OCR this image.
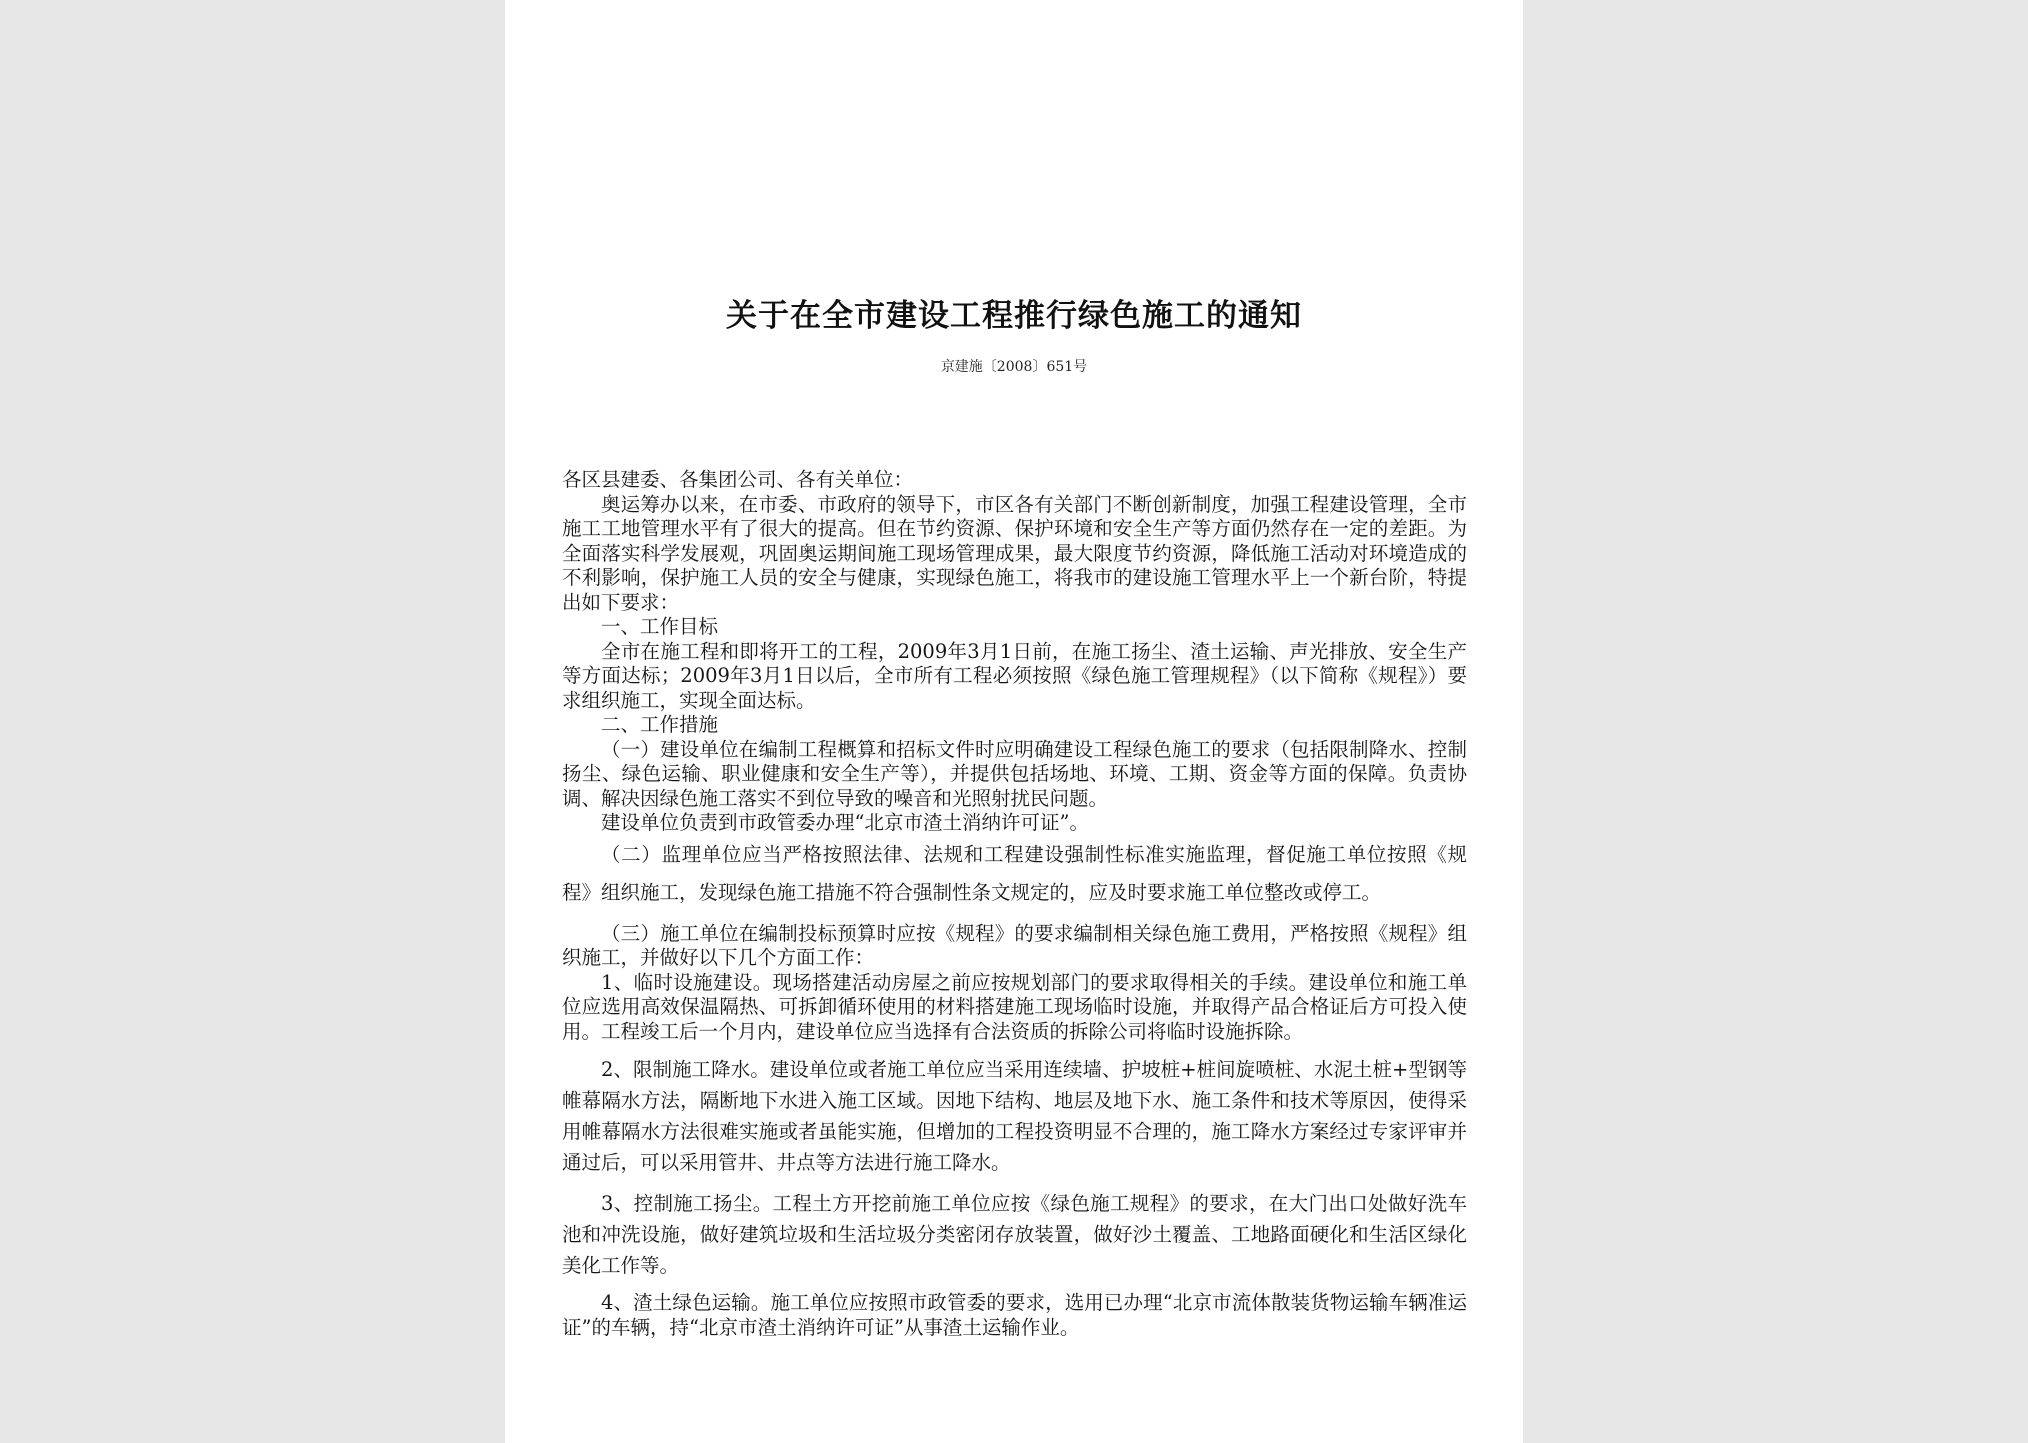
关于在全市建设工程推行绿色施工的通知
京建施〔2008〕651号

各区县建委、各集团公司、各有关单位：

奥运筹办以来，在市委、市政府的领导下，市区各有关部门不断创新制度，加强工程建设管理，全市施工工地管理水平有了很大的提高。但在节约资源、保护环境和安全生产等方面仍然存在一定的差距。为全面落实科学发展观，巩固奥运期间施工现场管理成果，最大限度节约资源，降低施工活动对环境造成的不利影响，保护施工人员的安全与健康，实现绿色施工，将我市的建设施工管理水平上一个新台阶，特提出如下要求：

一、工作目标

全市在施工程和即将开工的工程，2009年3月1日前，在施工扬尘、渣土运输、声光排放、安全生产等方面达标；2009年3月1日以后，全市所有工程必须按照《绿色施工管理规程》（以下简称《规程》）要求组织施工，实现全面达标。

二、工作措施

（一）建设单位在编制工程概算和招标文件时应明确建设工程绿色施工的要求（包括限制降水、控制扬尘、绿色运输、职业健康和安全生产等），并提供包括场地、环境、工期、资金等方面的保障。负责协调、解决因绿色施工落实不到位导致的噪音和光照射扰民问题。

建设单位负责到市政管委办理“北京市渣土消纳许可证”。

（二）监理单位应当严格按照法律、法规和工程建设强制性标准实施监理，督促施工单位按照《规程》组织施工，发现绿色施工措施不符合强制性条文规定的，应及时要求施工单位整改或停工。

（三）施工单位在编制投标预算时应按《规程》的要求编制相关绿色施工费用，严格按照《规程》组织施工，并做好以下几个方面工作：

1、临时设施建设。现场搭建活动房屋之前应按规划部门的要求取得相关的手续。建设单位和施工单位应选用高效保温隔热、可拆卸循环使用的材料搭建施工现场临时设施，并取得产品合格证后方可投入使用。工程竣工后一个月内，建设单位应当选择有合法资质的拆除公司将临时设施拆除。

2、限制施工降水。建设单位或者施工单位应当采用连续墙、护坡桩+桩间旋喷桩、水泥土桩+型钢等帷幕隔水方法，隔断地下水进入施工区域。因地下结构、地层及地下水、施工条件和技术等原因，使得采用帷幕隔水方法很难实施或者虽能实施，但增加的工程投资明显不合理的，施工降水方案经过专家评审并通过后，可以采用管井、井点等方法进行施工降水。

3、控制施工扬尘。工程土方开挖前施工单位应按《绿色施工规程》的要求，在大门出口处做好洗车池和冲洗设施，做好建筑垃圾和生活垃圾分类密闭存放装置，做好沙土覆盖、工地路面硬化和生活区绿化美化工作等。

4、渣土绿色运输。施工单位应按照市政管委的要求，选用已办理“北京市流体散装货物运输车辆准运证”的车辆，持“北京市渣土消纳许可证”从事渣土运输作业。
